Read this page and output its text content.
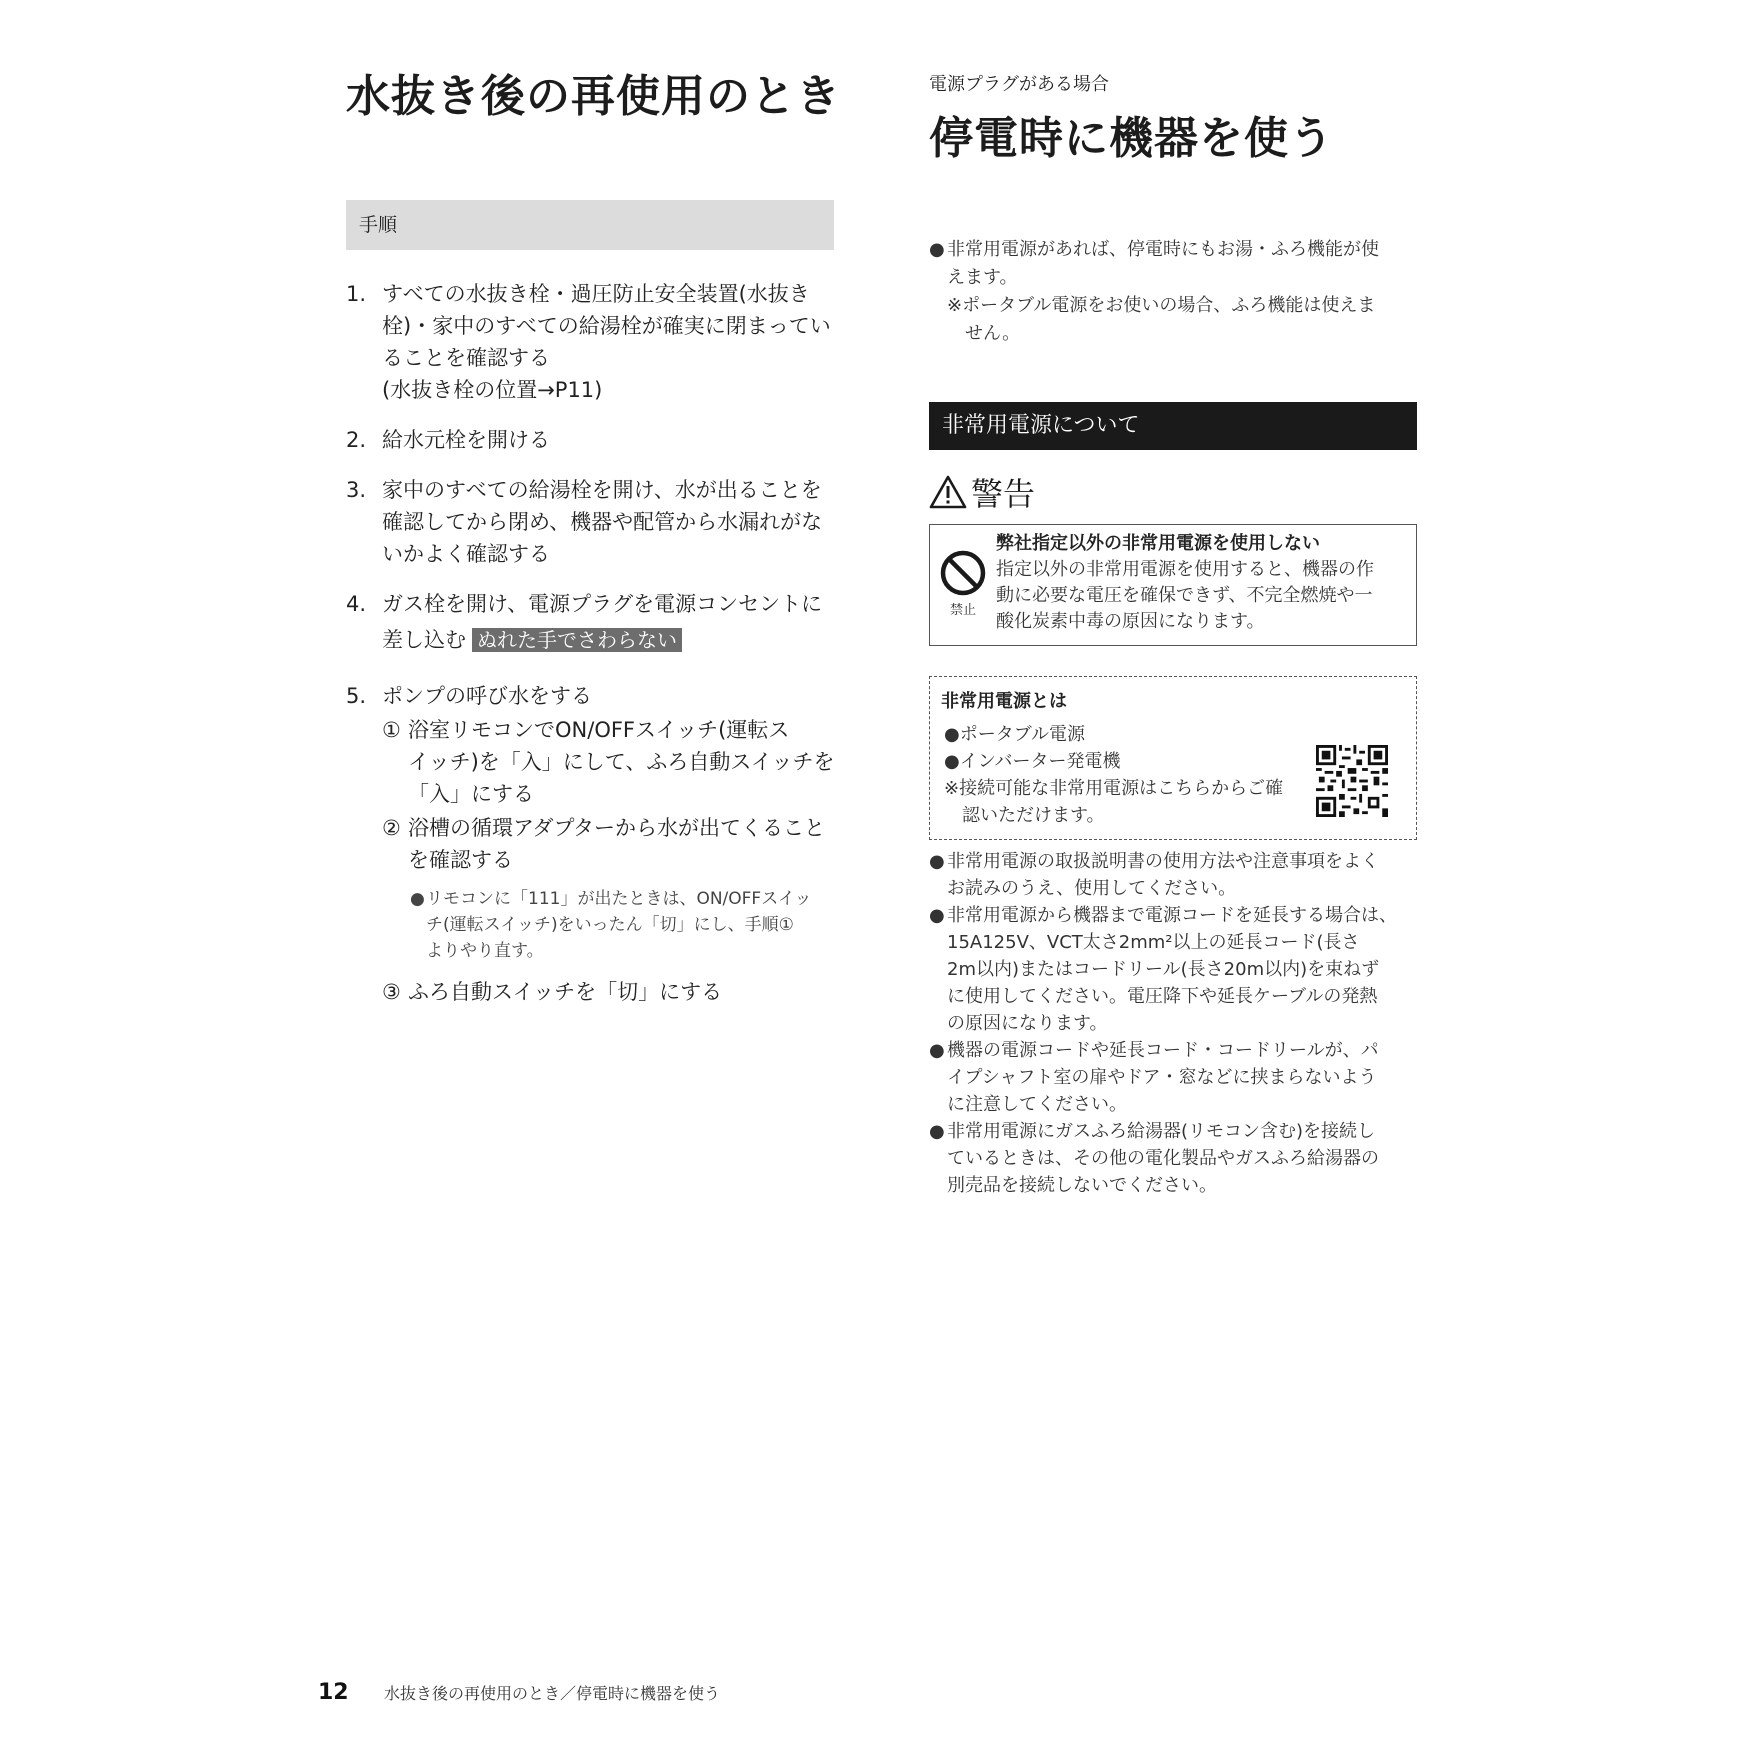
水抜き後の再使用のとき
手順
1. すべての水抜き栓・過圧防止安全装置(水抜き
栓)・家中のすべての給湯栓が確実に閉まってい
ることを確認する
(水抜き栓の位置→P11)
2. 給水元栓を開ける
3. 家中のすべての給湯栓を開け、水が出ることを
確認してから閉め、機器や配管から水漏れがな
いかよく確認する
4. ガス栓を開け、電源プラグを電源コンセントに
差し込む ぬれた手でさわらない
5. ポンプの呼び水をする
① 浴室リモコンでON/OFFスイッチ(運転ス
イッチ)を「入」にして、ふろ自動スイッチを
「入」にする
② 浴槽の循環アダプターから水が出てくること
を確認する
● リモコンに「111」が出たときは、ON/OFFスイッ
チ(運転スイッチ)をいったん「切」にし、手順①
よりやり直す。
③ ふろ自動スイッチを「切」にする
電源プラグがある場合
停電時に機器を使う
● 非常用電源があれば、停電時にもお湯・ふろ機能が使
えます。
※ポータブル電源をお使いの場合、ふろ機能は使えま
せん。
非常用電源について
警告
禁止
弊社指定以外の非常用電源を使用しない
指定以外の非常用電源を使用すると、機器の作
動に必要な電圧を確保できず、不完全燃焼や一
酸化炭素中毒の原因になります。
非常用電源とは
●ポータブル電源
●インバーター発電機
※接続可能な非常用電源はこちらからご確
　認いただけます。
● 非常用電源の取扱説明書の使用方法や注意事項をよく
お読みのうえ、使用してください。
● 非常用電源から機器まで電源コードを延長する場合は、
15A125V、VCT太さ2mm²以上の延長コード(長さ
2m以内)またはコードリール(長さ20m以内)を束ねず
に使用してください。電圧降下や延長ケーブルの発熱
の原因になります。
● 機器の電源コードや延長コード・コードリールが、パ
イプシャフト室の扉やドア・窓などに挟まらないよう
に注意してください。
● 非常用電源にガスふろ給湯器(リモコン含む)を接続し
ているときは、その他の電化製品やガスふろ給湯器の
別売品を接続しないでください。
12	水抜き後の再使用のとき／停電時に機器を使う
